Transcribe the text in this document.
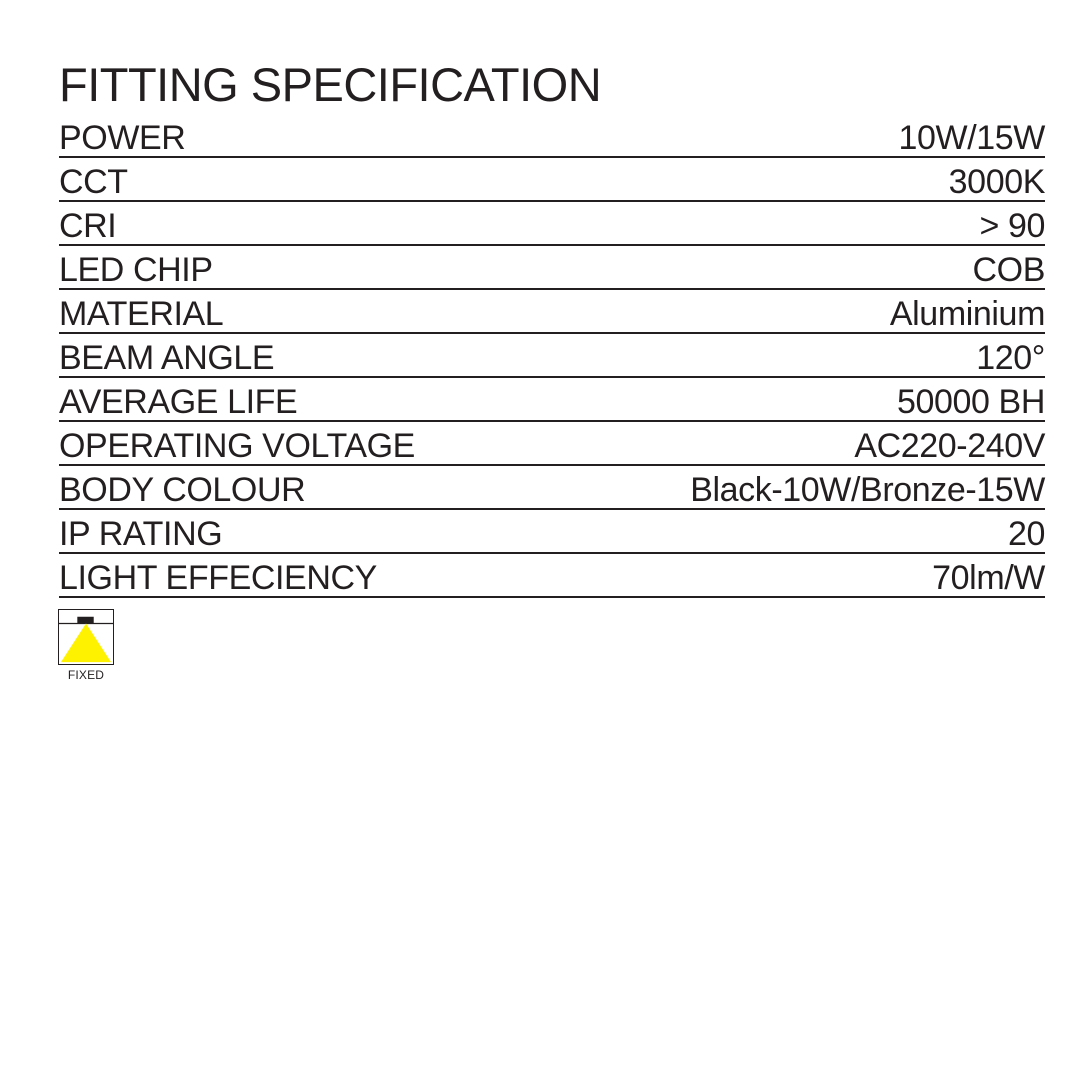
FITTING SPECIFICATION
POWER	10W/15W
CCT	3000K
CRI	> 90
LED CHIP	COB
MATERIAL	Aluminium
BEAM ANGLE	120°
AVERAGE LIFE	50000 BH
OPERATING VOLTAGE	AC220-240V
BODY COLOUR	Black-10W/Bronze-15W
IP RATING	20
LIGHT EFFECIENCY	70lm/W
FIXED
